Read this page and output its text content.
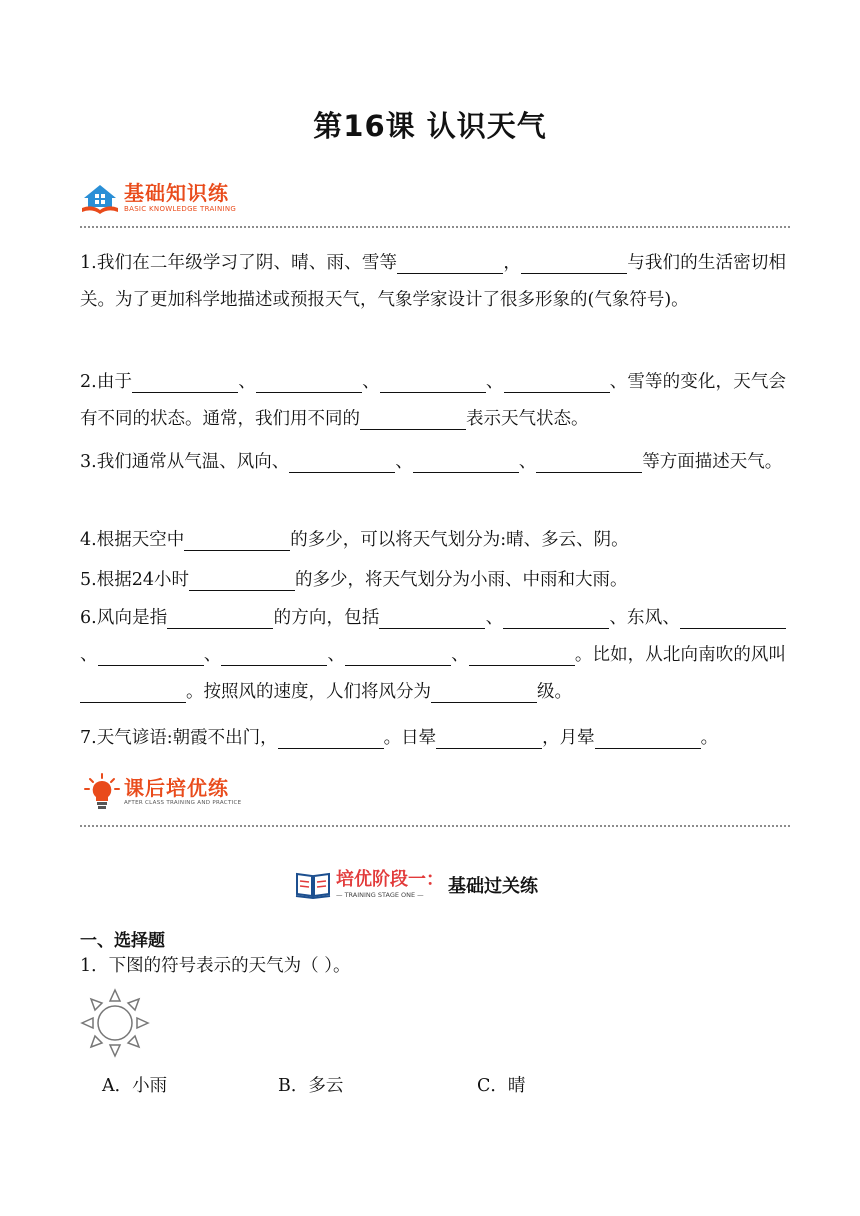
第16课 认识天气
基础知识练
BASIC KNOWLEDGE TRAINING
1.我们在二年级学习了阴、晴、雨、雪等	，	与我们的生活密切相关。为了更加科学地描述或预报天气，气象学家设计了很多形象的(气象符号)。
2.由于	、	、	、	、雪等的变化，天气会有不同的状态。通常，我们用不同的	表示天气状态。
3.我们通常从气温、风向、	、	、	等方面描述天气。
4.根据天空中	的多少，可以将天气划分为:晴、多云、阴。
5.根据24小时	的多少，将天气划分为小雨、中雨和大雨。
6.风向是指	的方向，包括	、	、东风、、	、	、	、	。比如，从北向南吹的风叫。按照风的速度，人们将风分为	级。
7.天气谚语:朝霞不出门，	。日晕	，月晕	。
课后培优练
AFTER CLASS TRAINING AND PRACTICE
培优阶段一：
— TRAINING STAGE ONE —	基础过关练
一、选择题
1．下图的符号表示的天气为（ ）。
A．小雨	B．多云	C．晴
